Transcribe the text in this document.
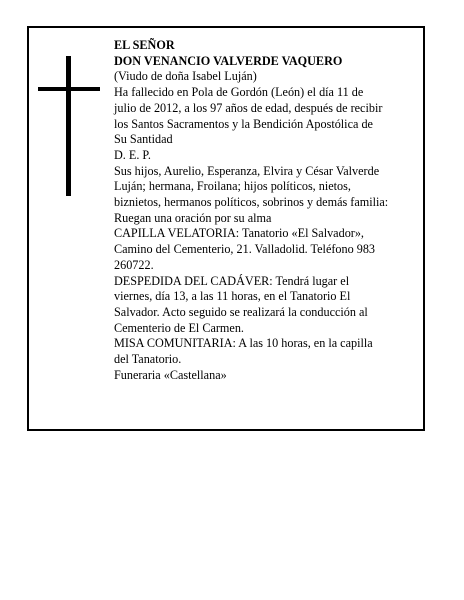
EL SEÑOR
DON VENANCIO VALVERDE VAQUERO
(Viudo de doña Isabel Luján)
Ha fallecido en Pola de Gordón (León) el día 11 de
julio de 2012, a los 97 años de edad, después de recibir
los Santos Sacramentos y la Bendición Apostólica de
Su Santidad
D. E. P.
Sus hijos, Aurelio, Esperanza, Elvira y César Valverde
Luján; hermana, Froilana; hijos políticos, nietos,
biznietos, hermanos políticos, sobrinos y demás familia:
Ruegan una oración por su alma
CAPILLA VELATORIA: Tanatorio «El Salvador»,
Camino del Cementerio, 21. Valladolid. Teléfono 983
260722.
DESPEDIDA DEL CADÁVER: Tendrá lugar el
viernes, día 13, a las 11 horas, en el Tanatorio El
Salvador. Acto seguido se realizará la conducción al
Cementerio de El Carmen.
MISA COMUNITARIA: A las 10 horas, en la capilla
del Tanatorio.
Funeraria «Castellana»
